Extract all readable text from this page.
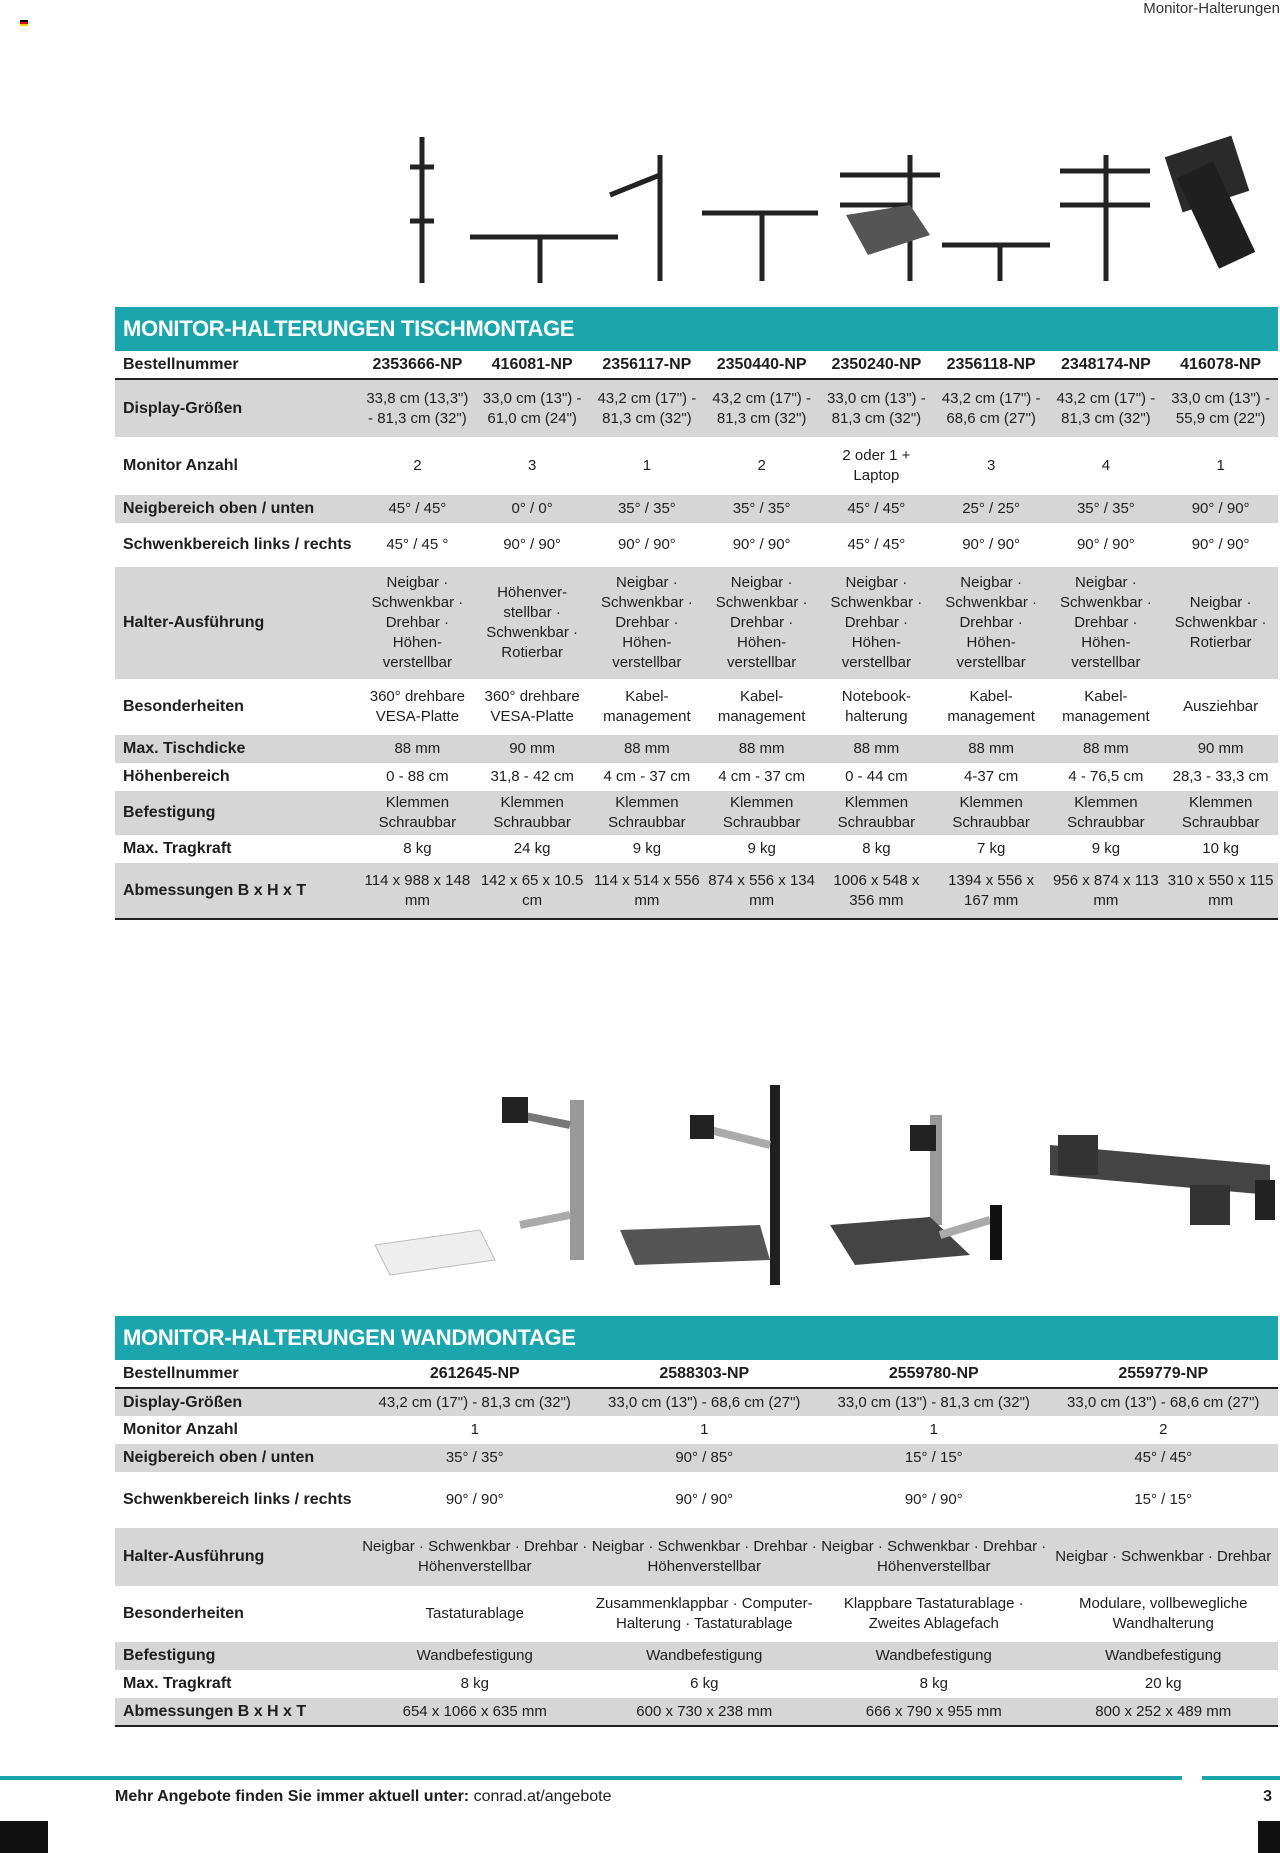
Monitor-Halterungen
MONITOR-HALTERUNGEN TISCHMONTAGE
Bestellnummer	2353666-NP	416081-NP	2356117-NP	2350440-NP	2350240-NP	2356118-NP	2348174-NP	416078-NP
Display-Größen	33,8 cm (13,3") - 81,3 cm (32")	33,0 cm (13") - 61,0 cm (24")	43,2 cm (17") - 81,3 cm (32")	43,2 cm (17") - 81,3 cm (32")	33,0 cm (13") - 81,3 cm (32")	43,2 cm (17") - 68,6 cm (27")	43,2 cm (17") - 81,3 cm (32")	33,0 cm (13") - 55,9 cm (22")
Monitor Anzahl	2	3	1	2	2 oder 1 + Laptop	3	4	1
Neigbereich oben / unten	45° / 45°	0° / 0°	35° / 35°	35° / 35°	45° / 45°	25° / 25°	35° / 35°	90° / 90°
Schwenkbereich links / rechts	45° / 45 °	90° / 90°	90° / 90°	90° / 90°	45° / 45°	90° / 90°	90° / 90°	90° / 90°
Halter-Ausführung	Neigbar · Schwenkbar · Drehbar · Höhen-verstellbar	Höhenver-stellbar · Schwenkbar · Rotierbar	Neigbar · Schwenkbar · Drehbar · Höhen-verstellbar	Neigbar · Schwenkbar · Drehbar · Höhen-verstellbar	Neigbar · Schwenkbar · Drehbar · Höhen-verstellbar	Neigbar · Schwenkbar · Drehbar · Höhen-verstellbar	Neigbar · Schwenkbar · Drehbar · Höhen-verstellbar	Neigbar · Schwenkbar · Rotierbar
Besonderheiten	360° drehbare VESA-Platte	360° drehbare VESA-Platte	Kabel-management	Kabel-management	Notebook-halterung	Kabel-management	Kabel-management	Ausziehbar
Max. Tischdicke	88 mm	90 mm	88 mm	88 mm	88 mm	88 mm	88 mm	90 mm
Höhenbereich	0 - 88 cm	31,8 - 42 cm	4 cm - 37 cm	4 cm - 37 cm	0 - 44 cm	4-37 cm	4 - 76,5 cm	28,3 - 33,3 cm
Befestigung	Klemmen Schraubbar	Klemmen Schraubbar	Klemmen Schraubbar	Klemmen Schraubbar	Klemmen Schraubbar	Klemmen Schraubbar	Klemmen Schraubbar	Klemmen Schraubbar
Max. Tragkraft	8 kg	24 kg	9 kg	9 kg	8 kg	7 kg	9 kg	10 kg
Abmessungen B x H x T	114 x 988 x 148 mm	142 x 65 x 10.5 cm	114 x 514 x 556 mm	874 x 556 x 134 mm	1006 x 548 x 356 mm	1394 x 556 x 167 mm	956 x 874 x 113 mm	310 x 550 x 115 mm
MONITOR-HALTERUNGEN WANDMONTAGE
Bestellnummer	2612645-NP	2588303-NP	2559780-NP	2559779-NP
Display-Größen	43,2 cm (17") - 81,3 cm (32")	33,0 cm (13") - 68,6 cm (27")	33,0 cm (13") - 81,3 cm (32")	33,0 cm (13") - 68,6 cm (27")
Monitor Anzahl	1	1	1	2
Neigbereich oben / unten	35° / 35°	90° / 85°	15° / 15°	45° / 45°
Schwenkbereich links / rechts	90° / 90°	90° / 90°	90° / 90°	15° / 15°
Halter-Ausführung	Neigbar · Schwenkbar · Drehbar · Höhenverstellbar	Neigbar · Schwenkbar · Drehbar · Höhenverstellbar	Neigbar · Schwenkbar · Drehbar · Höhenverstellbar	Neigbar · Schwenkbar · Drehbar
Besonderheiten	Tastaturablage	Zusammenklappbar · Computer-Halterung · Tastaturablage	Klappbare Tastaturablage · Zweites Ablagefach	Modulare, vollbewegliche Wandhalterung
Befestigung	Wandbefestigung	Wandbefestigung	Wandbefestigung	Wandbefestigung
Max. Tragkraft	8 kg	6 kg	8 kg	20 kg
Abmessungen B x H x T	654 x 1066 x 635 mm	600 x 730 x 238 mm	666 x 790 x 955 mm	800 x 252 x 489 mm
Mehr Angebote finden Sie immer aktuell unter: conrad.at/angebote	3
